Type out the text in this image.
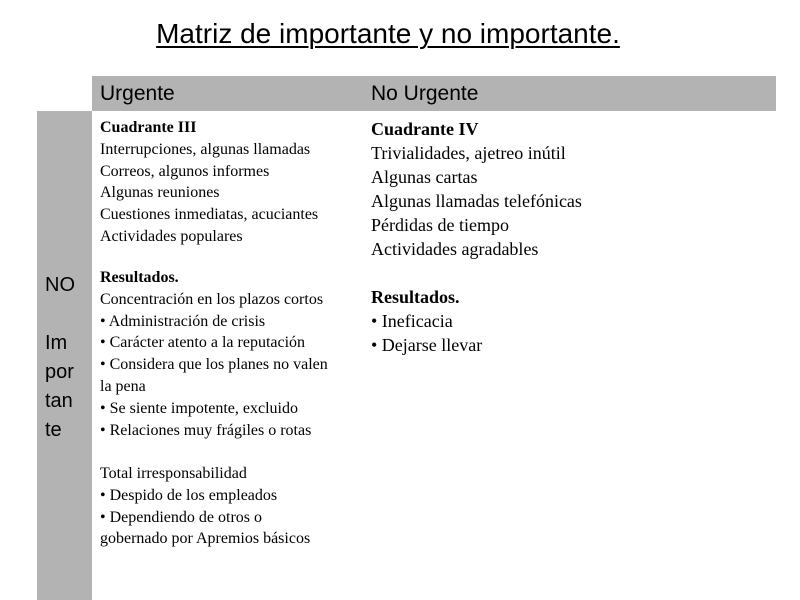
Matriz de importante y no importante.
Urgente	No Urgente
NO
Im
por
tan
te
Cuadrante III
Interrupciones, algunas llamadas
Correos, algunos informes
Algunas reuniones
Cuestiones inmediatas, acuciantes
Actividades populares
Resultados.
Concentración en los plazos cortos
• Administración de crisis
• Carácter atento a la reputación
• Considera que los planes no valen
la pena
• Se siente impotente, excluido
• Relaciones muy frágiles o rotas
Total irresponsabilidad
• Despido de los empleados
• Dependiendo de otros o
gobernado por Apremios básicos
Cuadrante IV
Trivialidades, ajetreo inútil
Algunas cartas
Algunas llamadas telefónicas
Pérdidas de tiempo
Actividades agradables
Resultados.
• Ineficacia
• Dejarse llevar
